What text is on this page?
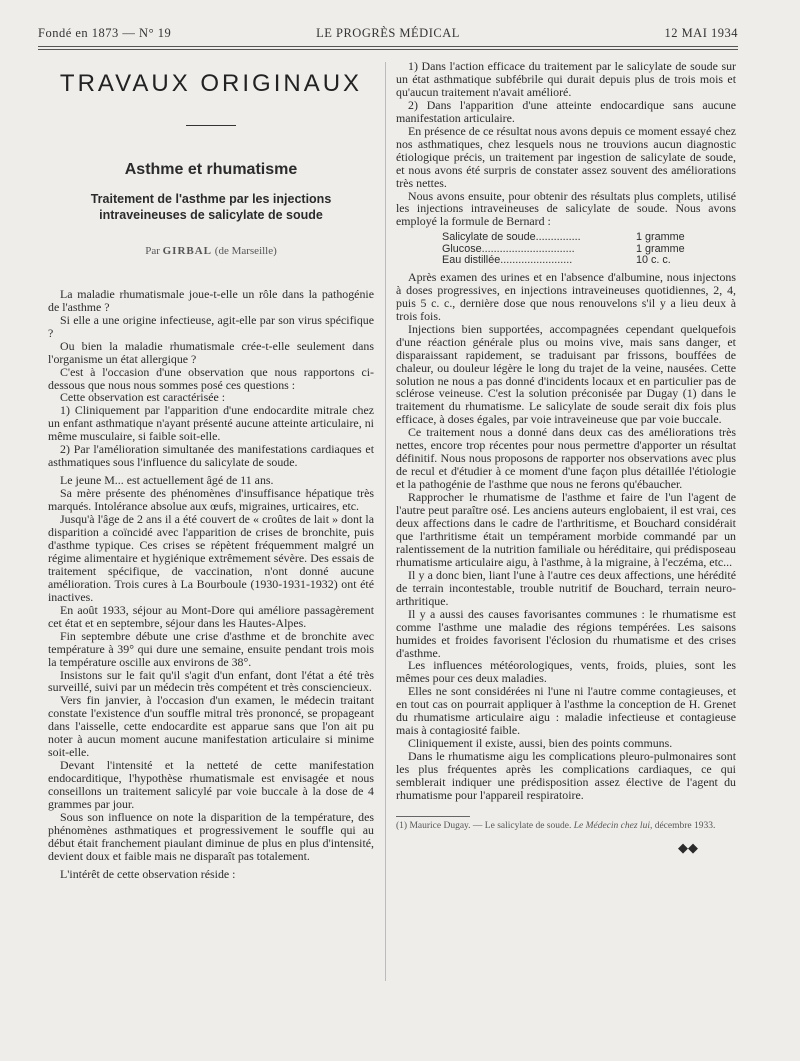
Fondé en 1873 — N° 19	LE PROGRÈS MÉDICAL	12 MAI 1934
TRAVAUX ORIGINAUX
Asthme et rhumatisme
Traitement de l'asthme par les injections intraveineuses de salicylate de soude
Par GIRBAL (de Marseille)

La maladie rhumatismale joue-t-elle un rôle dans la pathogénie de l'asthme ?

Si elle a une origine infectieuse, agit-elle par son virus spécifique ?

Ou bien la maladie rhumatismale crée-t-elle seulement dans l'organisme un état allergique ?

C'est à l'occasion d'une observation que nous rapportons ci-dessous que nous nous sommes posé ces questions :

Cette observation est caractérisée :

1) Cliniquement par l'apparition d'une endocardite mitrale chez un enfant asthmatique n'ayant présenté aucune atteinte articulaire, ni même musculaire, si faible soit-elle.

2) Par l'amélioration simultanée des manifestations cardiaques et asthmatiques sous l'influence du salicylate de soude.

Le jeune M... est actuellement âgé de 11 ans.

Sa mère présente des phénomènes d'insuffisance hépatique très marqués. Intolérance absolue aux œufs, migraines, urticaires, etc.

Jusqu'à l'âge de 2 ans il a été couvert de « croûtes de lait » dont la disparition a coïncidé avec l'apparition de crises de bronchite, puis d'asthme typique. Ces crises se répètent fréquemment malgré un régime alimentaire et hygiénique extrêmement sévère. Des essais de traitement spécifique, de vaccination, n'ont donné aucune amélioration. Trois cures à La Bourboule (1930-1931-1932) ont été inactives.

En août 1933, séjour au Mont-Dore qui améliore passagèrement cet état et en septembre, séjour dans les Hautes-Alpes.

Fin septembre débute une crise d'asthme et de bronchite avec température à 39° qui dure une semaine, ensuite pendant trois mois la température oscille aux environs de 38°.

Insistons sur le fait qu'il s'agit d'un enfant, dont l'état a été très surveillé, suivi par un médecin très compétent et très consciencieux.

Vers fin janvier, à l'occasion d'un examen, le médecin traitant constate l'existence d'un souffle mitral très prononcé, se propageant dans l'aisselle, cette endocardite est apparue sans que l'on ait pu noter à aucun moment aucune manifestation articulaire si minime soit-elle.

Devant l'intensité et la netteté de cette manifestation endocarditique, l'hypothèse rhumatismale est envisagée et nous conseillons un traitement salicylé par voie buccale à la dose de 4 grammes par jour.

Sous son influence on note la disparition de la température, des phénomènes asthmatiques et progressivement le souffle qui au début était franchement piaulant diminue de plus en plus d'intensité, devient doux et faible mais ne disparaît pas totalement.

L'intérêt de cette observation réside :

1) Dans l'action efficace du traitement par le salicylate de soude sur un état asthmatique subfébrile qui durait depuis plus de trois mois et qu'aucun traitement n'avait amélioré.

2) Dans l'apparition d'une atteinte endocardique sans aucune manifestation articulaire.

En présence de ce résultat nous avons depuis ce moment essayé chez nos asthmatiques, chez lesquels nous ne trouvions aucun diagnostic étiologique précis, un traitement par ingestion de salicylate de soude, et nous avons été surpris de constater assez souvent des améliorations très nettes.

Nous avons ensuite, pour obtenir des résultats plus complets, utilisé les injections intraveineuses de salicylate de soude. Nous avons employé la formule de Bernard :

Salicylate de soude...............	1 gramme
Glucose...............................	1 gramme
Eau distillée........................	10 c. c.

Après examen des urines et en l'absence d'albumine, nous injectons à doses progressives, en injections intraveineuses quotidiennes, 2, 4, puis 5 c. c., dernière dose que nous renouvelons s'il y a lieu deux à trois fois.

Injections bien supportées, accompagnées cependant quelquefois d'une réaction générale plus ou moins vive, mais sans danger, et disparaissant rapidement, se traduisant par frissons, bouffées de chaleur, ou douleur légère le long du trajet de la veine, nausées. Cette solution ne nous a pas donné d'incidents locaux et en particulier pas de sclérose veineuse. C'est la solution préconisée par Dugay (1) dans le traitement du rhumatisme. Le salicylate de soude serait dix fois plus efficace, à doses égales, par voie intraveineuse que par voie buccale.

Ce traitement nous a donné dans deux cas des améliorations très nettes, encore trop récentes pour nous permettre d'apporter un résultat définitif. Nous nous proposons de rapporter nos observations avec plus de recul et d'étudier à ce moment d'une façon plus détaillée l'étiologie et la pathogénie de l'asthme que nous ne ferons qu'ébaucher.

Rapprocher le rhumatisme de l'asthme et faire de l'un l'agent de l'autre peut paraître osé. Les anciens auteurs englobaient, il est vrai, ces deux affections dans le cadre de l'arthritisme, et Bouchard considérait que l'arthritisme était un tempérament morbide commandé par un ralentissement de la nutrition familiale ou héréditaire, qui prédisposeau rhumatisme articulaire aigu, à l'asthme, à la migraine, à l'eczéma, etc...

Il y a donc bien, liant l'une à l'autre ces deux affections, une hérédité de terrain incontestable, trouble nutritif de Bouchard, terrain neuro-arthritique.

Il y a aussi des causes favorisantes communes : le rhumatisme est comme l'asthme une maladie des régions tempérées. Les saisons humides et froides favorisent l'éclosion du rhumatisme et des crises d'asthme.

Les influences météorologiques, vents, froids, pluies, sont les mêmes pour ces deux maladies.

Elles ne sont considérées ni l'une ni l'autre comme contagieuses, et en tout cas on pourrait appliquer à l'asthme la conception de H. Grenet du rhumatisme articulaire aigu : maladie infectieuse et contagieuse mais à contagiosité faible.

Cliniquement il existe, aussi, bien des points communs.

Dans le rhumatisme aigu les complications pleuro-pulmonaires sont les plus fréquentes après les complications cardiaques, ce qui semblerait indiquer une prédisposition assez élective de l'agent du rhumatisme pour l'appareil respiratoire.

(1) Maurice Dugay. — Le salicylate de soude. Le Médecin chez lui, décembre 1933.
◆◆
